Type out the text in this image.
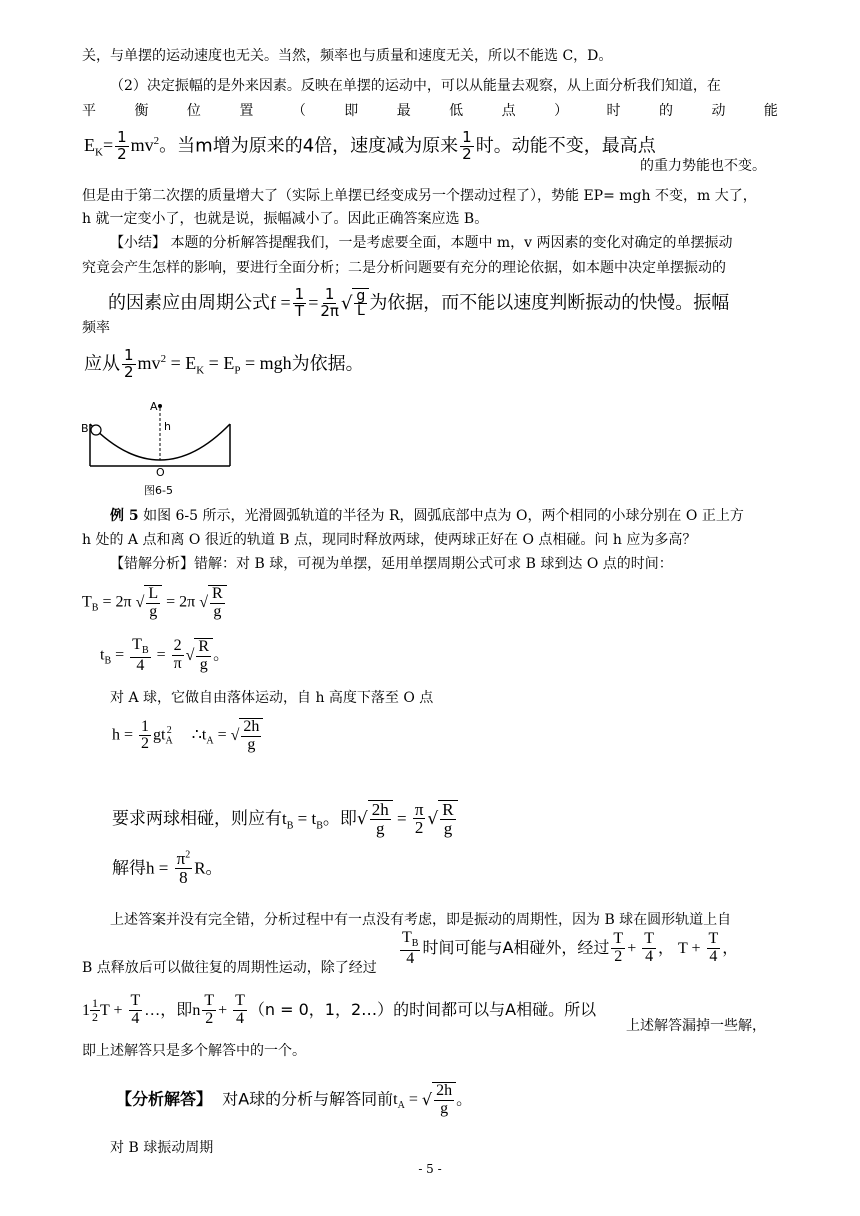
关，与单摆的运动速度也无关。当然，频率也与质量和速度无关，所以不能选 C，D。
（2）决定振幅的是外来因素。反映在单摆的运动中，可以从能量去观察，从上面分析我们知道，在
平	衡	位	置	（	即	最	低	点	）	时	的	动	能
$E_K= \frac{1}{2} mv^2$。当m增为原来的4倍，速度减为原来 $\frac{1}{2}$ 时。动能不变，最高点
的重力势能也不变。
但是由于第二次摆的质量增大了（实际上单摆已经变成另一个摆动过程了），势能 EP= mgh 不变，m 大了，
h 就一定变小了，也就是说，振幅减小了。因此正确答案应选 B。
【小结】 本题的分析解答提醒我们，一是考虑要全面，本题中 m，v 两因素的变化对确定的单摆振动
究竟会产生怎样的影响，要进行全面分析；二是分析问题要有充分的理论依据，如本题中决定单摆振动的
的因素应由周期公式$f = \frac{1}{T} = \frac{1}{2\pi}$ √ $\frac{g}{L}$ 为依据，而不能以速度判断振动的快慢。振幅
频率
应从 $\frac{1}{2} mv^2 = E_K = E_P$ = mgh为依据。
A
B	h
O
图6-5
例 5 如图 6-5 所示，光滑圆弧轨道的半径为 R，圆弧底部中点为 O，两个相同的小球分别在 O 正上方
h 处的 A 点和离 O 很近的轨道 B 点，现同时释放两球，使两球正好在 O 点相碰。问 h 应为多高？
【错解分析】错解：对 B 球，可视为单摆，延用单摆周期公式可求 B 球到达 O 点的时间：
$T_B = 2\pi$ √ $\frac{L}{g} = 2\pi$ √ $\frac{R}{g}$
$t_B = \frac{T_B}{4} = \frac{2}{\pi}$ √ $\frac{R}{g}$ 。
对 A 球，它做自由落体运动，自 h 高度下落至 O 点
$h = \frac{1}{2} gt_A^2$     $\therefore t_A$ = √ $\frac{2h}{g}$
要求两球相碰，则应有$t_B = t_B$。即√ $\frac{2h}{g} = \frac{\pi}{2}$ √ $\frac{R}{g}$
解得$h = \frac{\pi^2}{8}$ R。
上述答案并没有完全错，分析过程中有一点没有考虑，即是振动的周期性，因为 B 球在圆形轨道上自
$\frac{T_B}{4}$ 时间可能与A相碰外，经过 $\frac{T}{2} + \frac{T}{4}$ ， $T + \frac{T}{4}$ ，
B 点释放后可以做往复的周期性运动，除了经过
$1 \frac{1}{2}$ $T + \frac{T}{4}$ …，即n $\frac{T}{2} + \frac{T}{4} (n = 0$，1，2…）的时间都可以与A相碰。所以
上述解答漏掉一些解，
即上述解答只是多个解答中的一个。
【分析解答】 对A球的分析与解答同前$t_A$ = √ $\frac{2h}{g}$ 。
对 B 球振动周期
- 5 -
